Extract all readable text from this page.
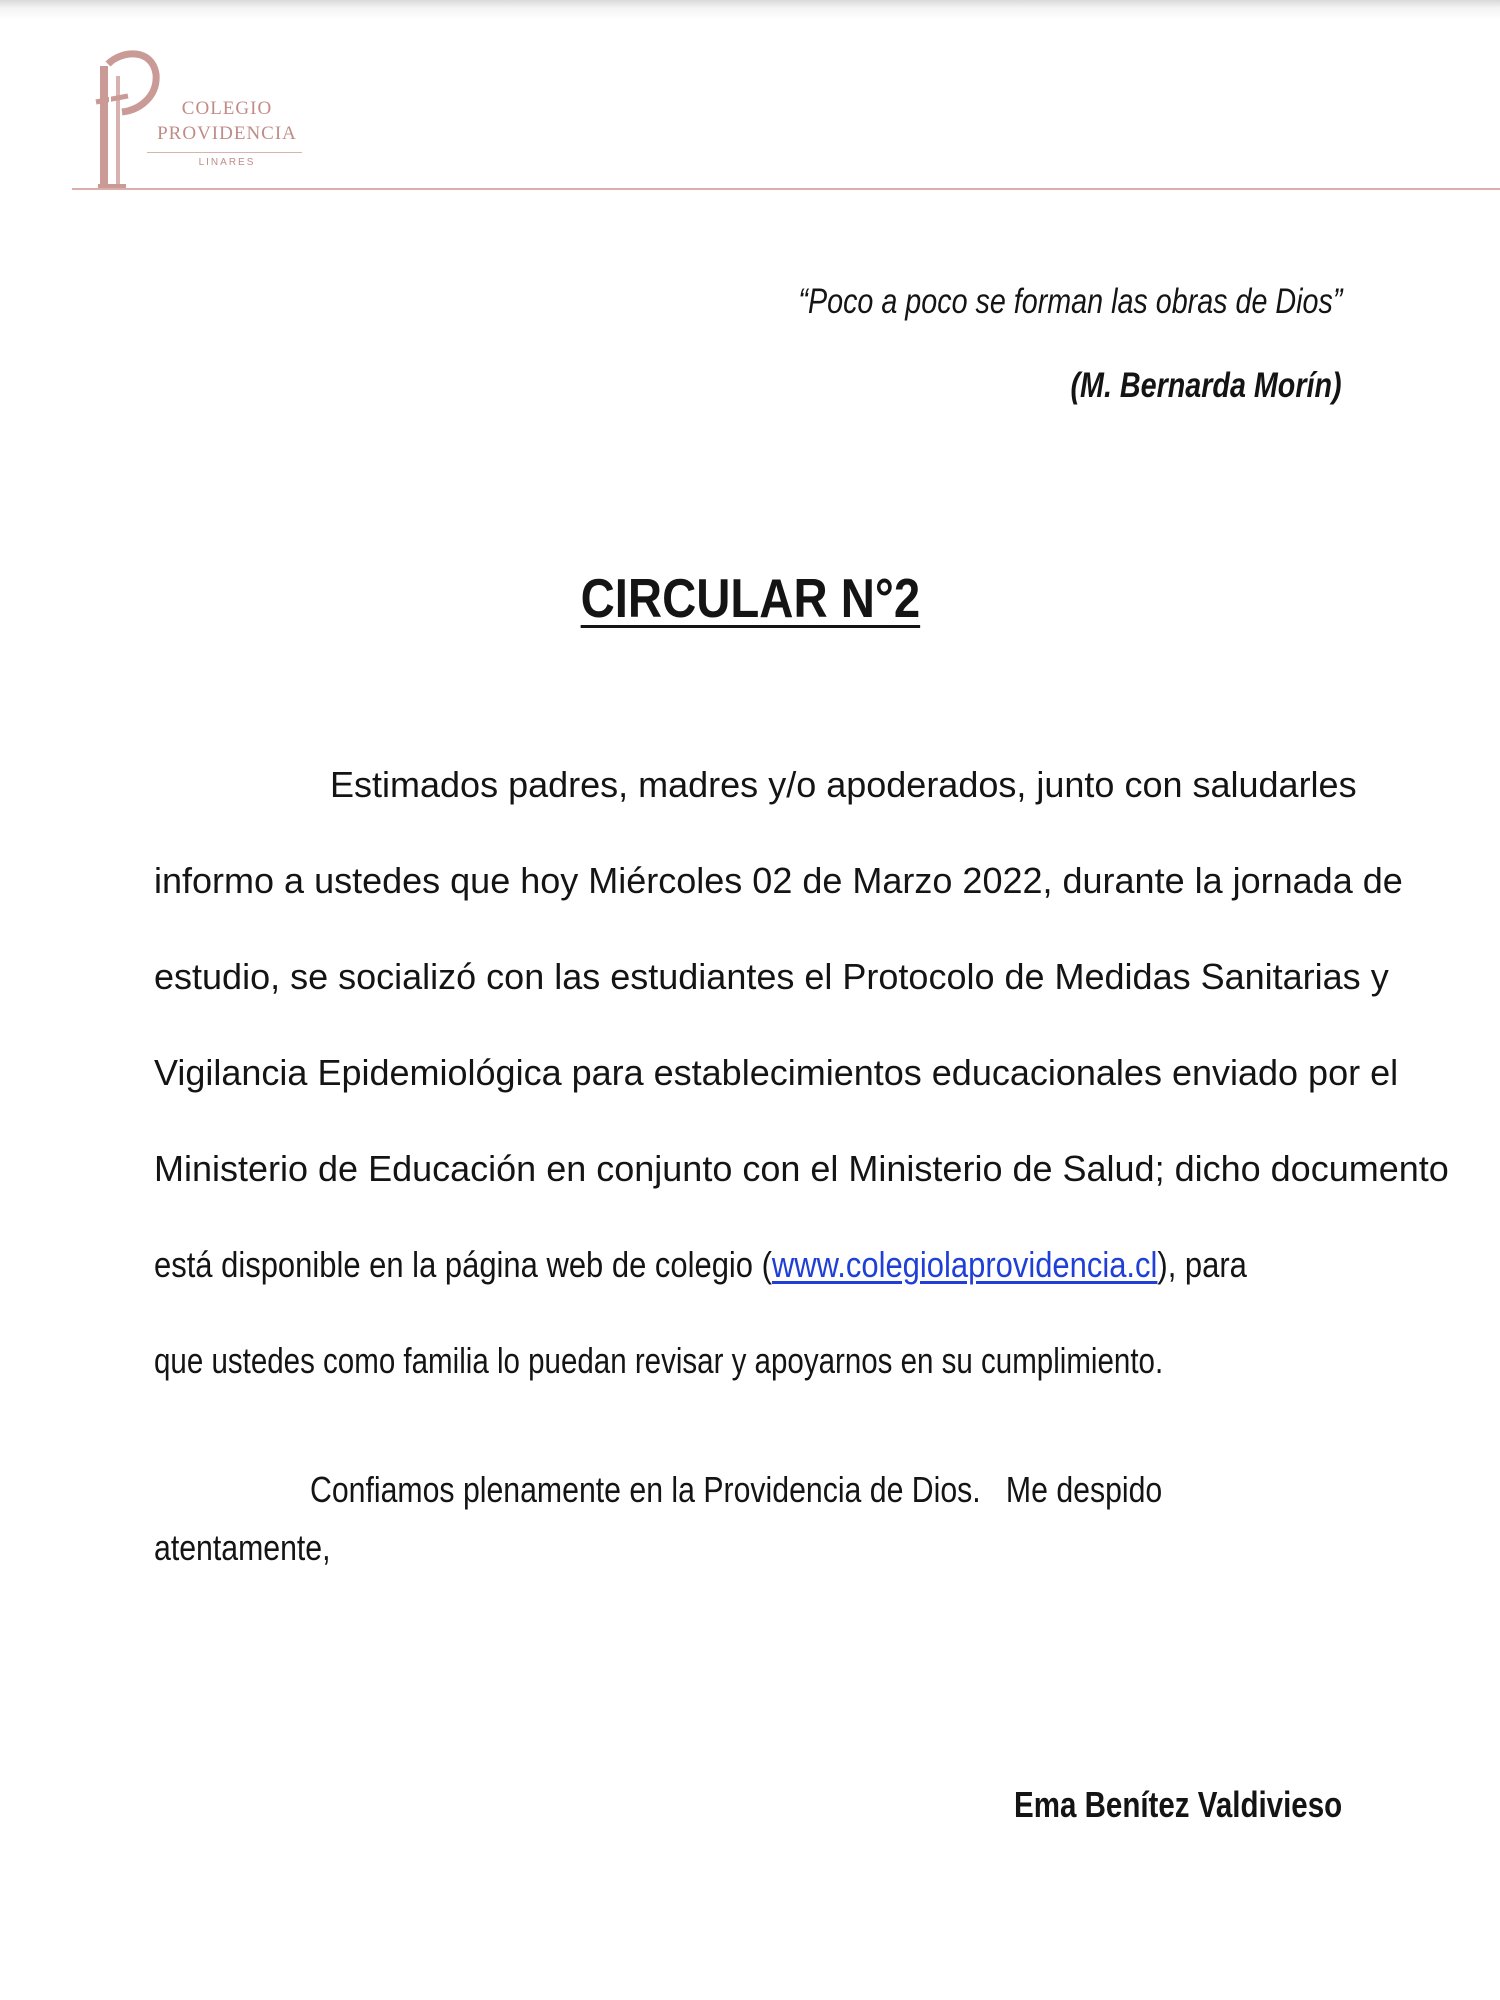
COLEGIO
PROVIDENCIA
LINARES
“Poco a poco se forman las obras de Dios”
(M. Bernarda Morín)
CIRCULAR N°2
Estimados padres, madres y/o apoderados, junto con saludarles
informo a ustedes que hoy Miércoles 02 de Marzo 2022, durante la jornada de
estudio, se socializó con las estudiantes el Protocolo de Medidas Sanitarias y
Vigilancia Epidemiológica para establecimientos educacionales enviado por el
Ministerio de Educación en conjunto con el Ministerio de Salud; dicho documento
está disponible en la página web de colegio (www.colegiolaprovidencia.cl), para
que ustedes como familia lo puedan revisar y apoyarnos en su cumplimiento.
Confiamos plenamente en la Providencia de Dios.   Me despido
atentamente,
Ema Benítez Valdivieso
